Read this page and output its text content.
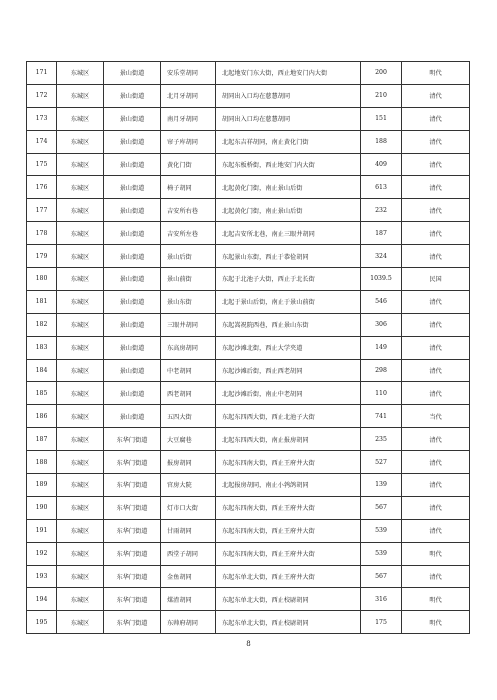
171	东城区	景山街道	安乐堂胡同	北起地安门东大街，西止地安门内大街	200	明代
172	东城区	景山街道	北月牙胡同	胡同出入口均在慈慧胡同	210	清代
173	东城区	景山街道	南月牙胡同	胡同出入口均在慈慧胡同	151	清代
174	东城区	景山街道	帘子库胡同	北起东吉祥胡同，南止黄化门街	188	清代
175	东城区	景山街道	黄化门街	东起东板桥街，西止地安门内大街	409	清代
176	东城区	景山街道	椅子胡同	北起黄化门街，南止景山后街	613	清代
177	东城区	景山街道	吉安所右巷	北起黄化门街，南止景山后街	232	清代
178	东城区	景山街道	吉安所左巷	北起吉安所北巷，南止三眼井胡同	187	清代
179	东城区	景山街道	景山后街	东起景山东街，西止于恭俭胡同	324	清代
180	东城区	景山街道	景山前街	东起于北池子大街，西止于北长街	1039.5	民国
181	东城区	景山街道	景山东街	北起于景山后街，南止于景山前街	546	清代
182	东城区	景山街道	三眼井胡同	东起嵩祝院西巷，西止景山东街	306	清代
183	东城区	景山街道	东高房胡同	东起沙滩北街，西止大学夹道	149	清代
184	东城区	景山街道	中老胡同	东起沙滩后街，西止西老胡同	298	清代
185	东城区	景山街道	西老胡同	北起沙滩后街，南止中老胡同	110	清代
186	东城区	景山街道	五四大街	东起东四西大街，西止北池子大街	741	当代
187	东城区	东华门街道	大豆腐巷	北起东四西大街，南止报房胡同	235	清代
188	东城区	东华门街道	报房胡同	东起东四南大街，西止王府井大街	527	清代
189	东城区	东华门街道	官房大院	北起报房胡同，南止小鹁鸽胡同	139	清代
190	东城区	东华门街道	灯市口大街	东起东四南大街，西止王府井大街	567	清代
191	东城区	东华门街道	甘雨胡同	东起东四南大街，西止王府井大街	539	清代
192	东城区	东华门街道	西堂子胡同	东起东四南大街，西止王府井大街	539	明代
193	东城区	东华门街道	金鱼胡同	东起东单北大街，西止王府井大街	567	清代
194	东城区	东华门街道	煤渣胡同	东起东单北大街，西止校尉胡同	316	明代
195	东城区	东华门街道	东帅府胡同	东起东单北大街，西止校尉胡同	175	明代
8
